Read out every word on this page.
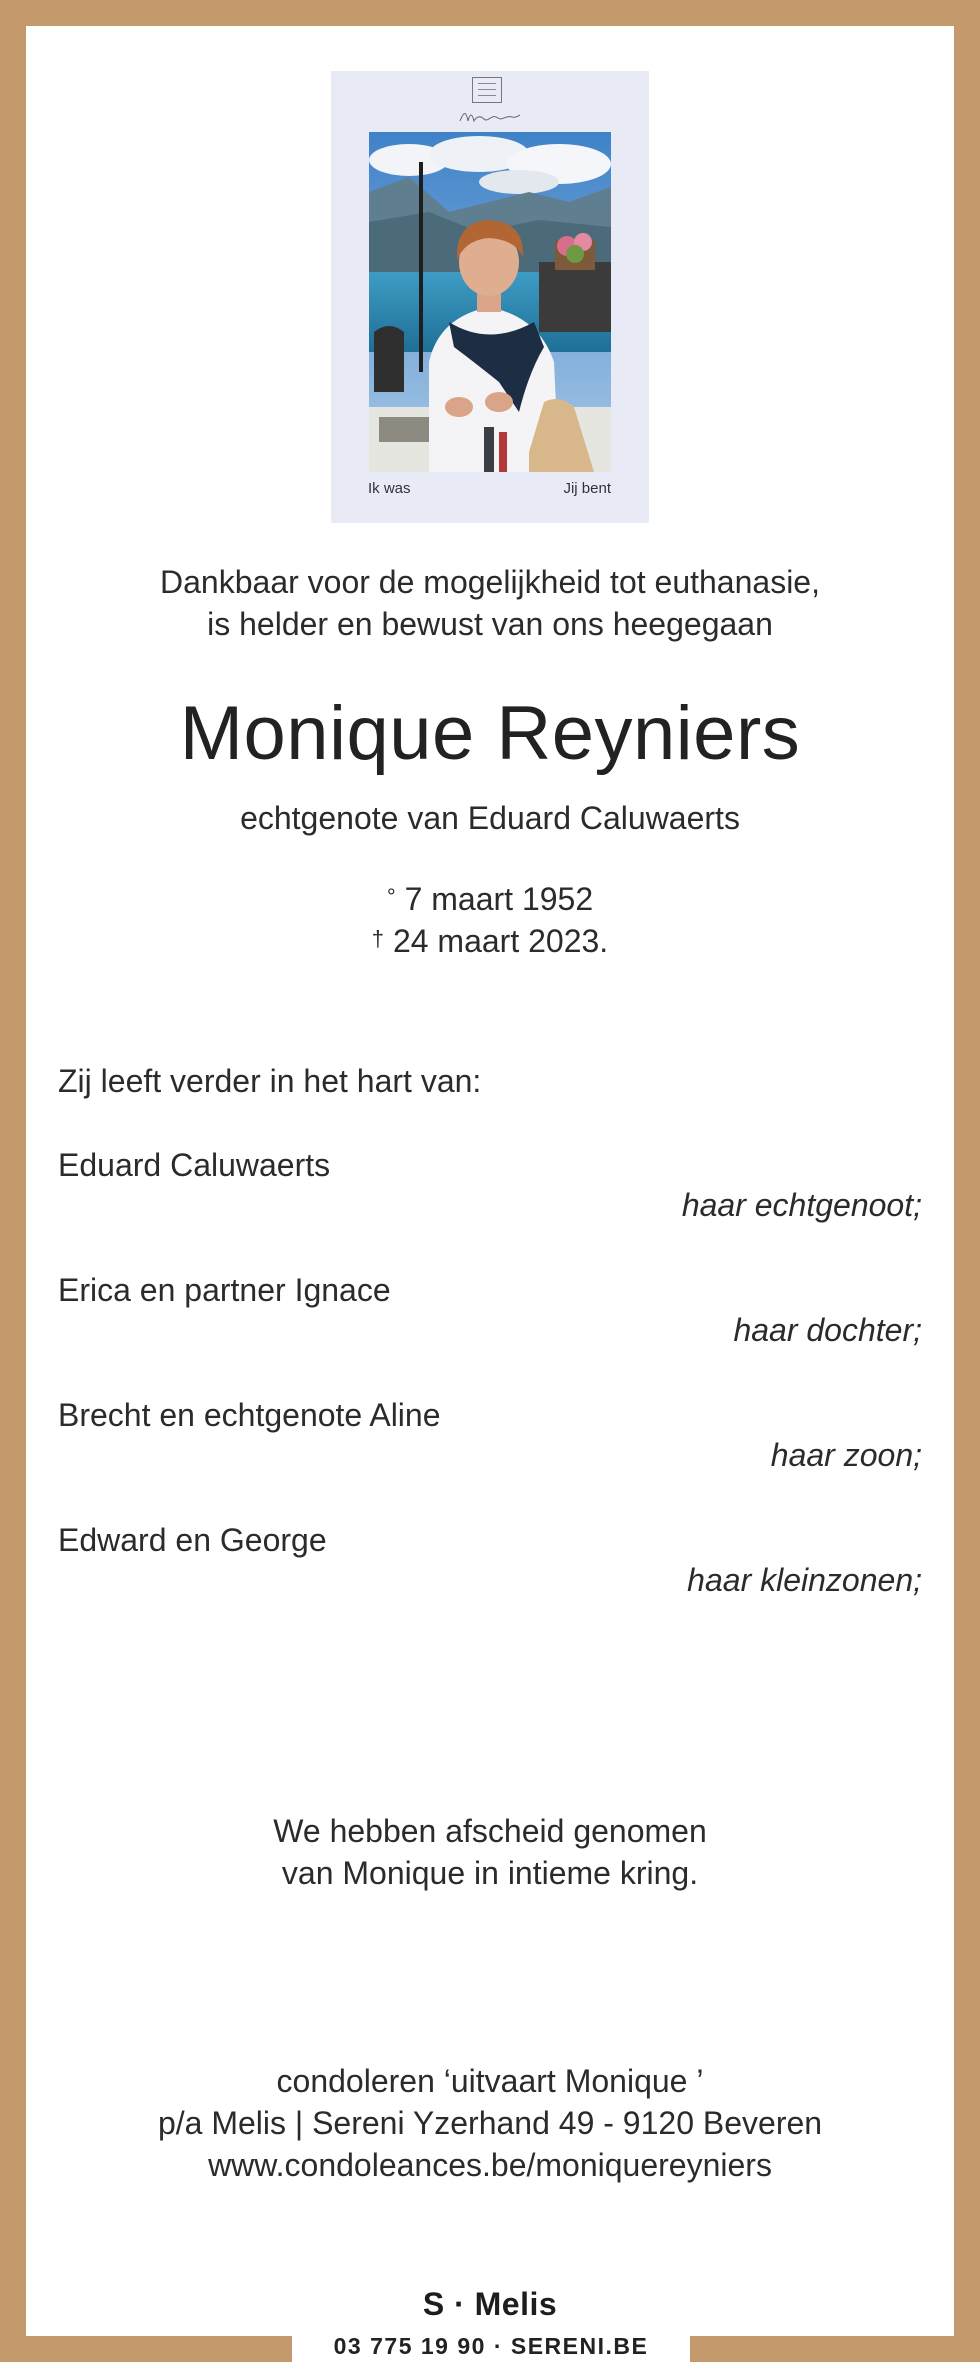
Ik was	Jij bent
Dankbaar voor de mogelijkheid tot euthanasie,
is helder en bewust van ons heegegaan
Monique Reyniers
echtgenote van Eduard Caluwaerts
° 7 maart 1952
† 24 maart 2023.
Zij leeft verder in het hart van:
Eduard Caluwaerts
haar echtgenoot;
Erica en partner Ignace
haar dochter;
Brecht en echtgenote Aline
haar zoon;
Edward en George
haar kleinzonen;
We hebben afscheid genomen
van Monique in intieme kring.
condoleren ‘uitvaart Monique ’
p/a Melis | Sereni Yzerhand 49 - 9120 Beveren
www.condoleances.be/moniquereyniers
S · Melis
03 775 19 90 · SERENI.BE
